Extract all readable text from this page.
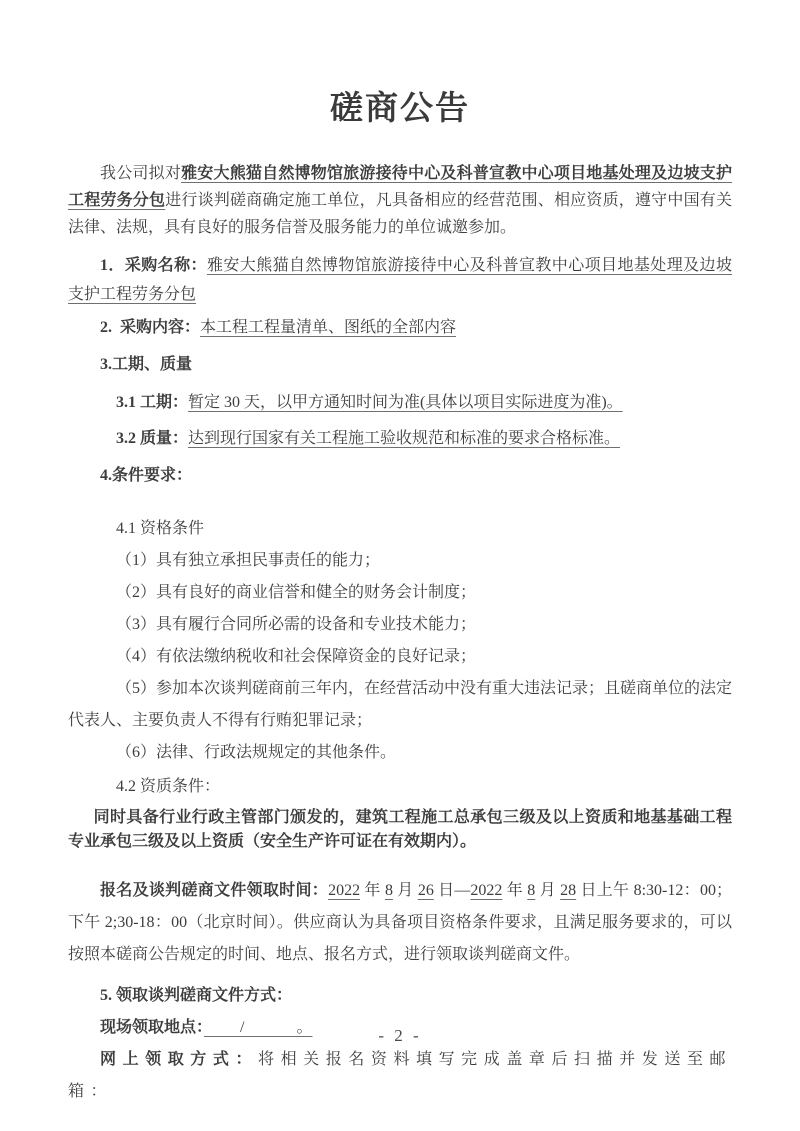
磋商公告

我公司拟对雅安大熊猫自然博物馆旅游接待中心及科普宣教中心项目地基处理及边坡支护工程劳务分包进行谈判磋商确定施工单位，凡具备相应的经营范围、相应资质，遵守中国有关法律、法规，具有良好的服务信誉及服务能力的单位诚邀参加。

1．采购名称：雅安大熊猫自然博物馆旅游接待中心及科普宣教中心项目地基处理及边坡支护工程劳务分包

2.  采购内容：本工程工程量清单、图纸的全部内容

3.工期、质量

3.1 工期：暂定 30 天，以甲方通知时间为准(具体以项目实际进度为准)。

3.2 质量：达到现行国家有关工程施工验收规范和标准的要求合格标准。

4.条件要求：

4.1 资格条件

（1）具有独立承担民事责任的能力；

（2）具有良好的商业信誉和健全的财务会计制度；

（3）具有履行合同所必需的设备和专业技术能力；

（4）有依法缴纳税收和社会保障资金的良好记录；

（5）参加本次谈判磋商前三年内，在经营活动中没有重大违法记录；且磋商单位的法定代表人、主要负责人不得有行贿犯罪记录；

（6）法律、行政法规规定的其他条件。

4.2 资质条件：

同时具备行业行政主管部门颁发的，建筑工程施工总承包三级及以上资质和地基基础工程专业承包三级及以上资质（安全生产许可证在有效期内）。

报名及谈判磋商文件领取时间：2022 年 8 月 26 日—2022 年 8 月 28 日上午 8:30-12：00；下午 2;30-18：00（北京时间）。供应商认为具备项目资格条件要求，且满足服务要求的，可以按照本磋商公告规定的时间、地点、报名方式，进行领取谈判磋商文件。

5. 领取谈判磋商文件方式：

现场领取地点：　　 /　　　 。

网上领取方式：将相关报名资料填写完成盖章后扫描并发送至邮箱：

- 2 -
